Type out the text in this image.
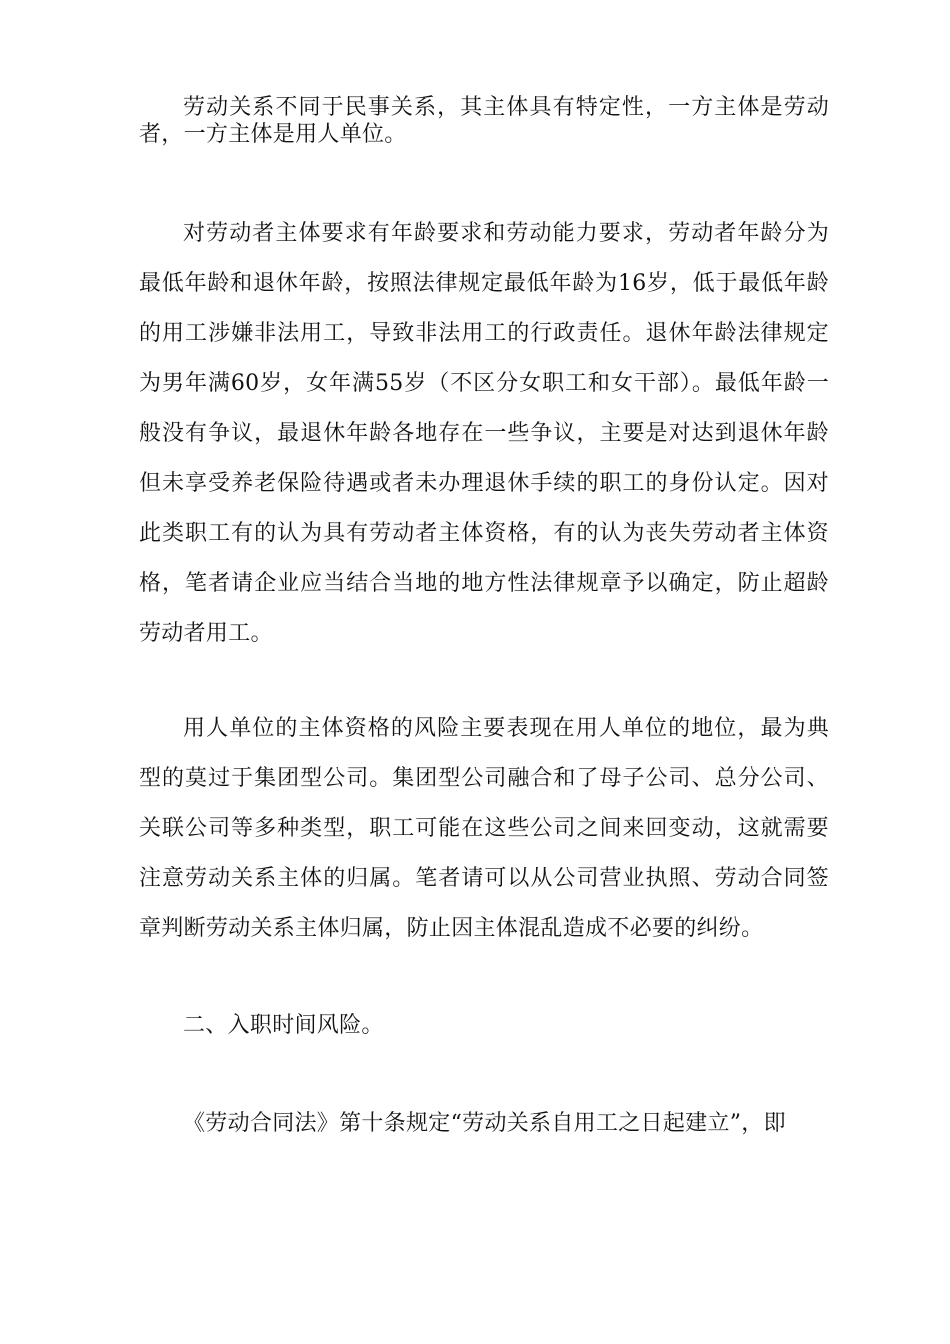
劳动关系不同于民事关系，其主体具有特定性，一方主体是劳动者，一方主体是用人单位。

对劳动者主体要求有年龄要求和劳动能力要求，劳动者年龄分为最低年龄和退休年龄，按照法律规定最低年龄为16岁，低于最低年龄的用工涉嫌非法用工，导致非法用工的行政责任。退休年龄法律规定为男年满60岁，女年满55岁（不区分女职工和女干部）。最低年龄一般没有争议，最退休年龄各地存在一些争议，主要是对达到退休年龄但未享受养老保险待遇或者未办理退休手续的职工的身份认定。因对此类职工有的认为具有劳动者主体资格，有的认为丧失劳动者主体资格，笔者请企业应当结合当地的地方性法律规章予以确定，防止超龄劳动者用工。

用人单位的主体资格的风险主要表现在用人单位的地位，最为典型的莫过于集团型公司。集团型公司融合和了母子公司、总分公司、关联公司等多种类型，职工可能在这些公司之间来回变动，这就需要注意劳动关系主体的归属。笔者请可以从公司营业执照、劳动合同签章判断劳动关系主体归属，防止因主体混乱造成不必要的纠纷。

二、入职时间风险。

《劳动合同法》第十条规定“劳动关系自用工之日起建立”，即
